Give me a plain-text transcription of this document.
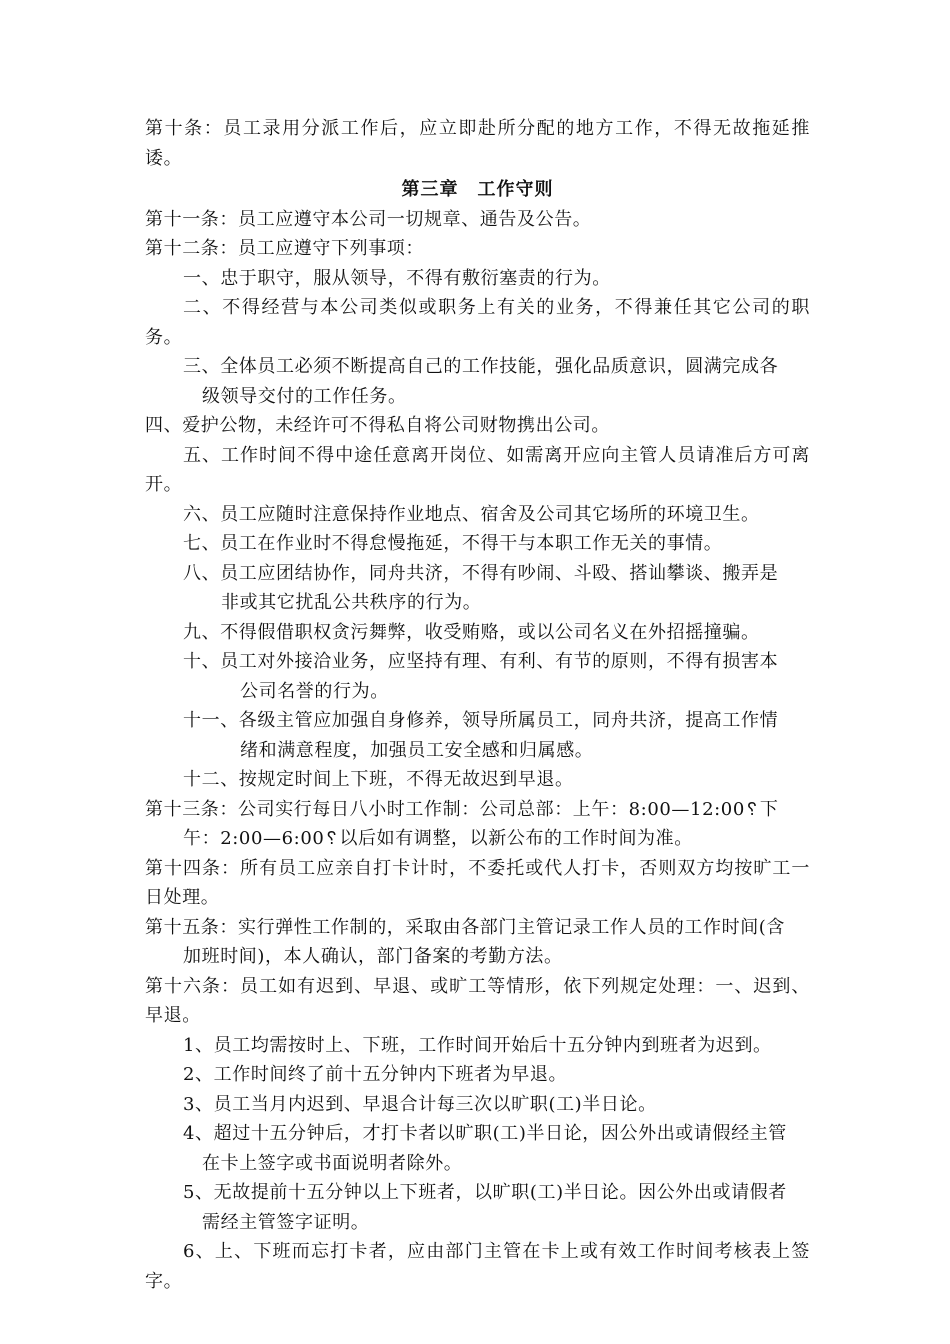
第十条：员工录用分派工作后，应立即赴所分配的地方工作，不得无故拖延推诿。

第三章　工作守则

第十一条：员工应遵守本公司一切规章、通告及公告。

第十二条：员工应遵守下列事项：

一、忠于职守，服从领导，不得有敷衍塞责的行为。

二、不得经营与本公司类似或职务上有关的业务，不得兼任其它公司的职务。

三、全体员工必须不断提高自己的工作技能，强化品质意识，圆满完成各

级领导交付的工作任务。

四、爱护公物，未经许可不得私自将公司财物携出公司。

五、工作时间不得中途任意离开岗位、如需离开应向主管人员请准后方可离开。

六、员工应随时注意保持作业地点、宿舍及公司其它场所的环境卫生。

七、员工在作业时不得怠慢拖延，不得干与本职工作无关的事情。

八、员工应团结协作，同舟共济，不得有吵闹、斗殴、搭讪攀谈、搬弄是

非或其它扰乱公共秩序的行为。

九、不得假借职权贪污舞弊，收受贿赂，或以公司名义在外招摇撞骗。

十、员工对外接洽业务，应坚持有理、有利、有节的原则，不得有损害本

公司名誉的行为。

十一、各级主管应加强自身修养，领导所属员工，同舟共济，提高工作情

绪和满意程度，加强员工安全感和归属感。

十二、按规定时间上下班，不得无故迟到早退。

第十三条：公司实行每日八小时工作制：公司总部：上午：8:00—12:00␦下

午：2:00—6:00␦以后如有调整，以新公布的工作时间为准。

第十四条：所有员工应亲自打卡计时，不委托或代人打卡，否则双方均按旷工一日处理。

第十五条：实行弹性工作制的，采取由各部门主管记录工作人员的工作时间(含

加班时间)，本人确认，部门备案的考勤方法。

第十六条：员工如有迟到、早退、或旷工等情形，依下列规定处理：一、迟到、早退。

1、员工均需按时上、下班，工作时间开始后十五分钟内到班者为迟到。

2、工作时间终了前十五分钟内下班者为早退。

3、员工当月内迟到、早退合计每三次以旷职(工)半日论。

4、超过十五分钟后，才打卡者以旷职(工)半日论，因公外出或请假经主管

在卡上签字或书面说明者除外。

5、无故提前十五分钟以上下班者，以旷职(工)半日论。因公外出或请假者

需经主管签字证明。

6、上、下班而忘打卡者，应由部门主管在卡上或有效工作时间考核表上签字。
